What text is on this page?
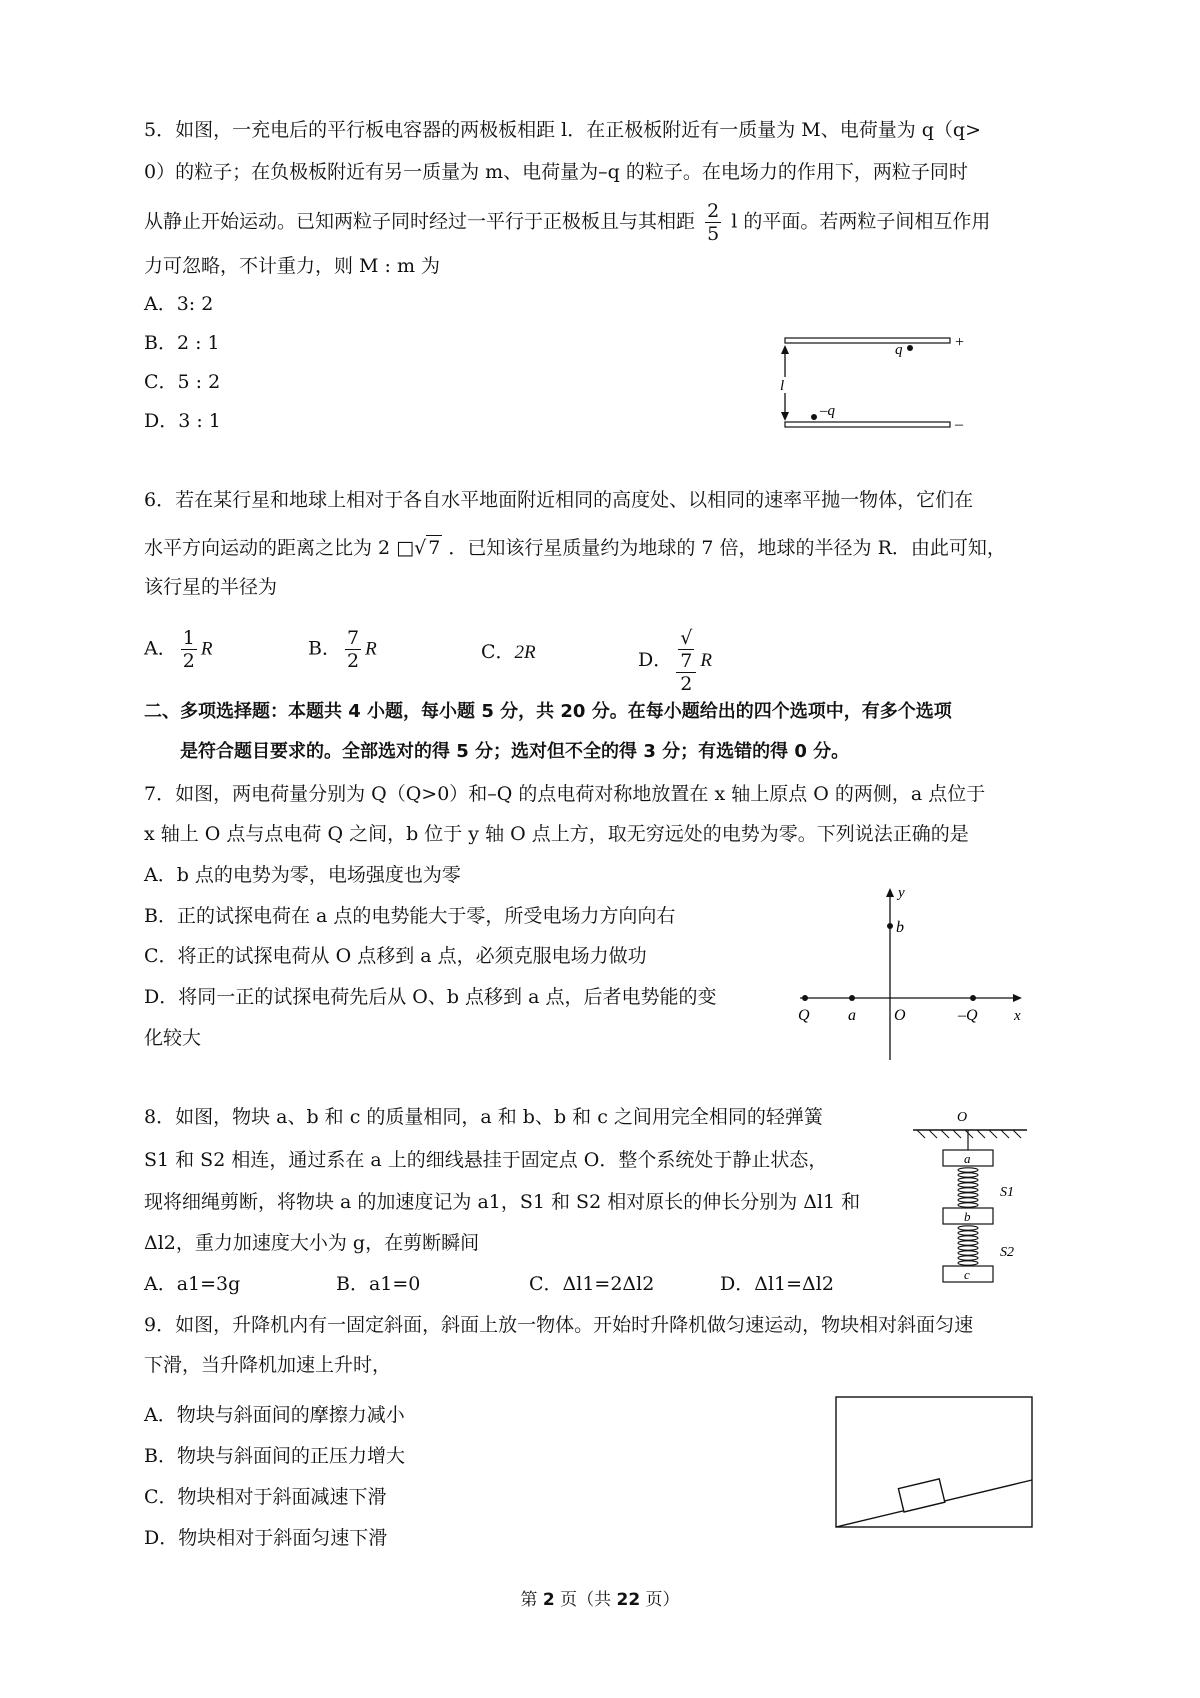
5．如图，一充电后的平行板电容器的两极板相距 l．在正极板附近有一质量为 M、电荷量为 q（q>
0）的粒子；在负极板附近有另一质量为 m、电荷量为–q 的粒子。在电场力的作用下，两粒子同时
从静止开始运动。已知两粒子同时经过一平行于正极板且与其相距 $\frac{2}{5}$ l 的平面。若两粒子间相互作用
力可忽略，不计重力，则 M : m 为
A．3: 2
B．2 : 1
C．5 : 2
D．3 : 1
l
q	+
–q
–
6．若在某行星和地球上相对于各自水平地面附近相同的高度处、以相同的速率平抛一物体，它们在
水平方向运动的距离之比为 2 □√ 7 ．已知该行星质量约为地球的 7 倍，地球的半径为 R．由此可知，
该行星的半径为
A． $\frac{1}{2}$ R	B． $\frac{7}{2}$ R	C．2R	D． √
7
2 R
二、多项选择题：本题共 4 小题，每小题 5 分，共 20 分。在每小题给出的四个选项中，有多个选项
是符合题目要求的。全部选对的得 5 分；选对但不全的得 3 分；有选错的得 0 分。
7．如图，两电荷量分别为 Q（Q>0）和–Q 的点电荷对称地放置在 x 轴上原点 O 的两侧，a 点位于
x 轴上 O 点与点电荷 Q 之间，b 位于 y 轴 O 点上方，取无穷远处的电势为零。下列说法正确的是
A．b 点的电势为零，电场强度也为零
B．正的试探电荷在 a 点的电势能大于零，所受电场力方向向右
C．将正的试探电荷从 O 点移到 a 点，必须克服电场力做功
D．将同一正的试探电荷先后从 O、b 点移到 a 点，后者电势能的变
化较大
y
b
Q a O	–Q x
8．如图，物块 a、b 和 c 的质量相同，a 和 b、b 和 c 之间用完全相同的轻弹簧
S1 和 S2 相连，通过系在 a 上的细线悬挂于固定点 O．整个系统处于静止状态，
现将细绳剪断，将物块 a 的加速度记为 a1，S1 和 S2 相对原长的伸长分别为 Δl1 和
Δl2，重力加速度大小为 g，在剪断瞬间
A．a1=3g	B．a1=0	C．Δl1=2Δl2	D．Δl1=Δl2
O
a
S1
b
S2
c
9．如图，升降机内有一固定斜面，斜面上放一物体。开始时升降机做匀速运动，物块相对斜面匀速
下滑，当升降机加速上升时，
A．物块与斜面间的摩擦力减小
B．物块与斜面间的正压力增大
C．物块相对于斜面减速下滑
D．物块相对于斜面匀速下滑
第 2 页（共 22 页）
